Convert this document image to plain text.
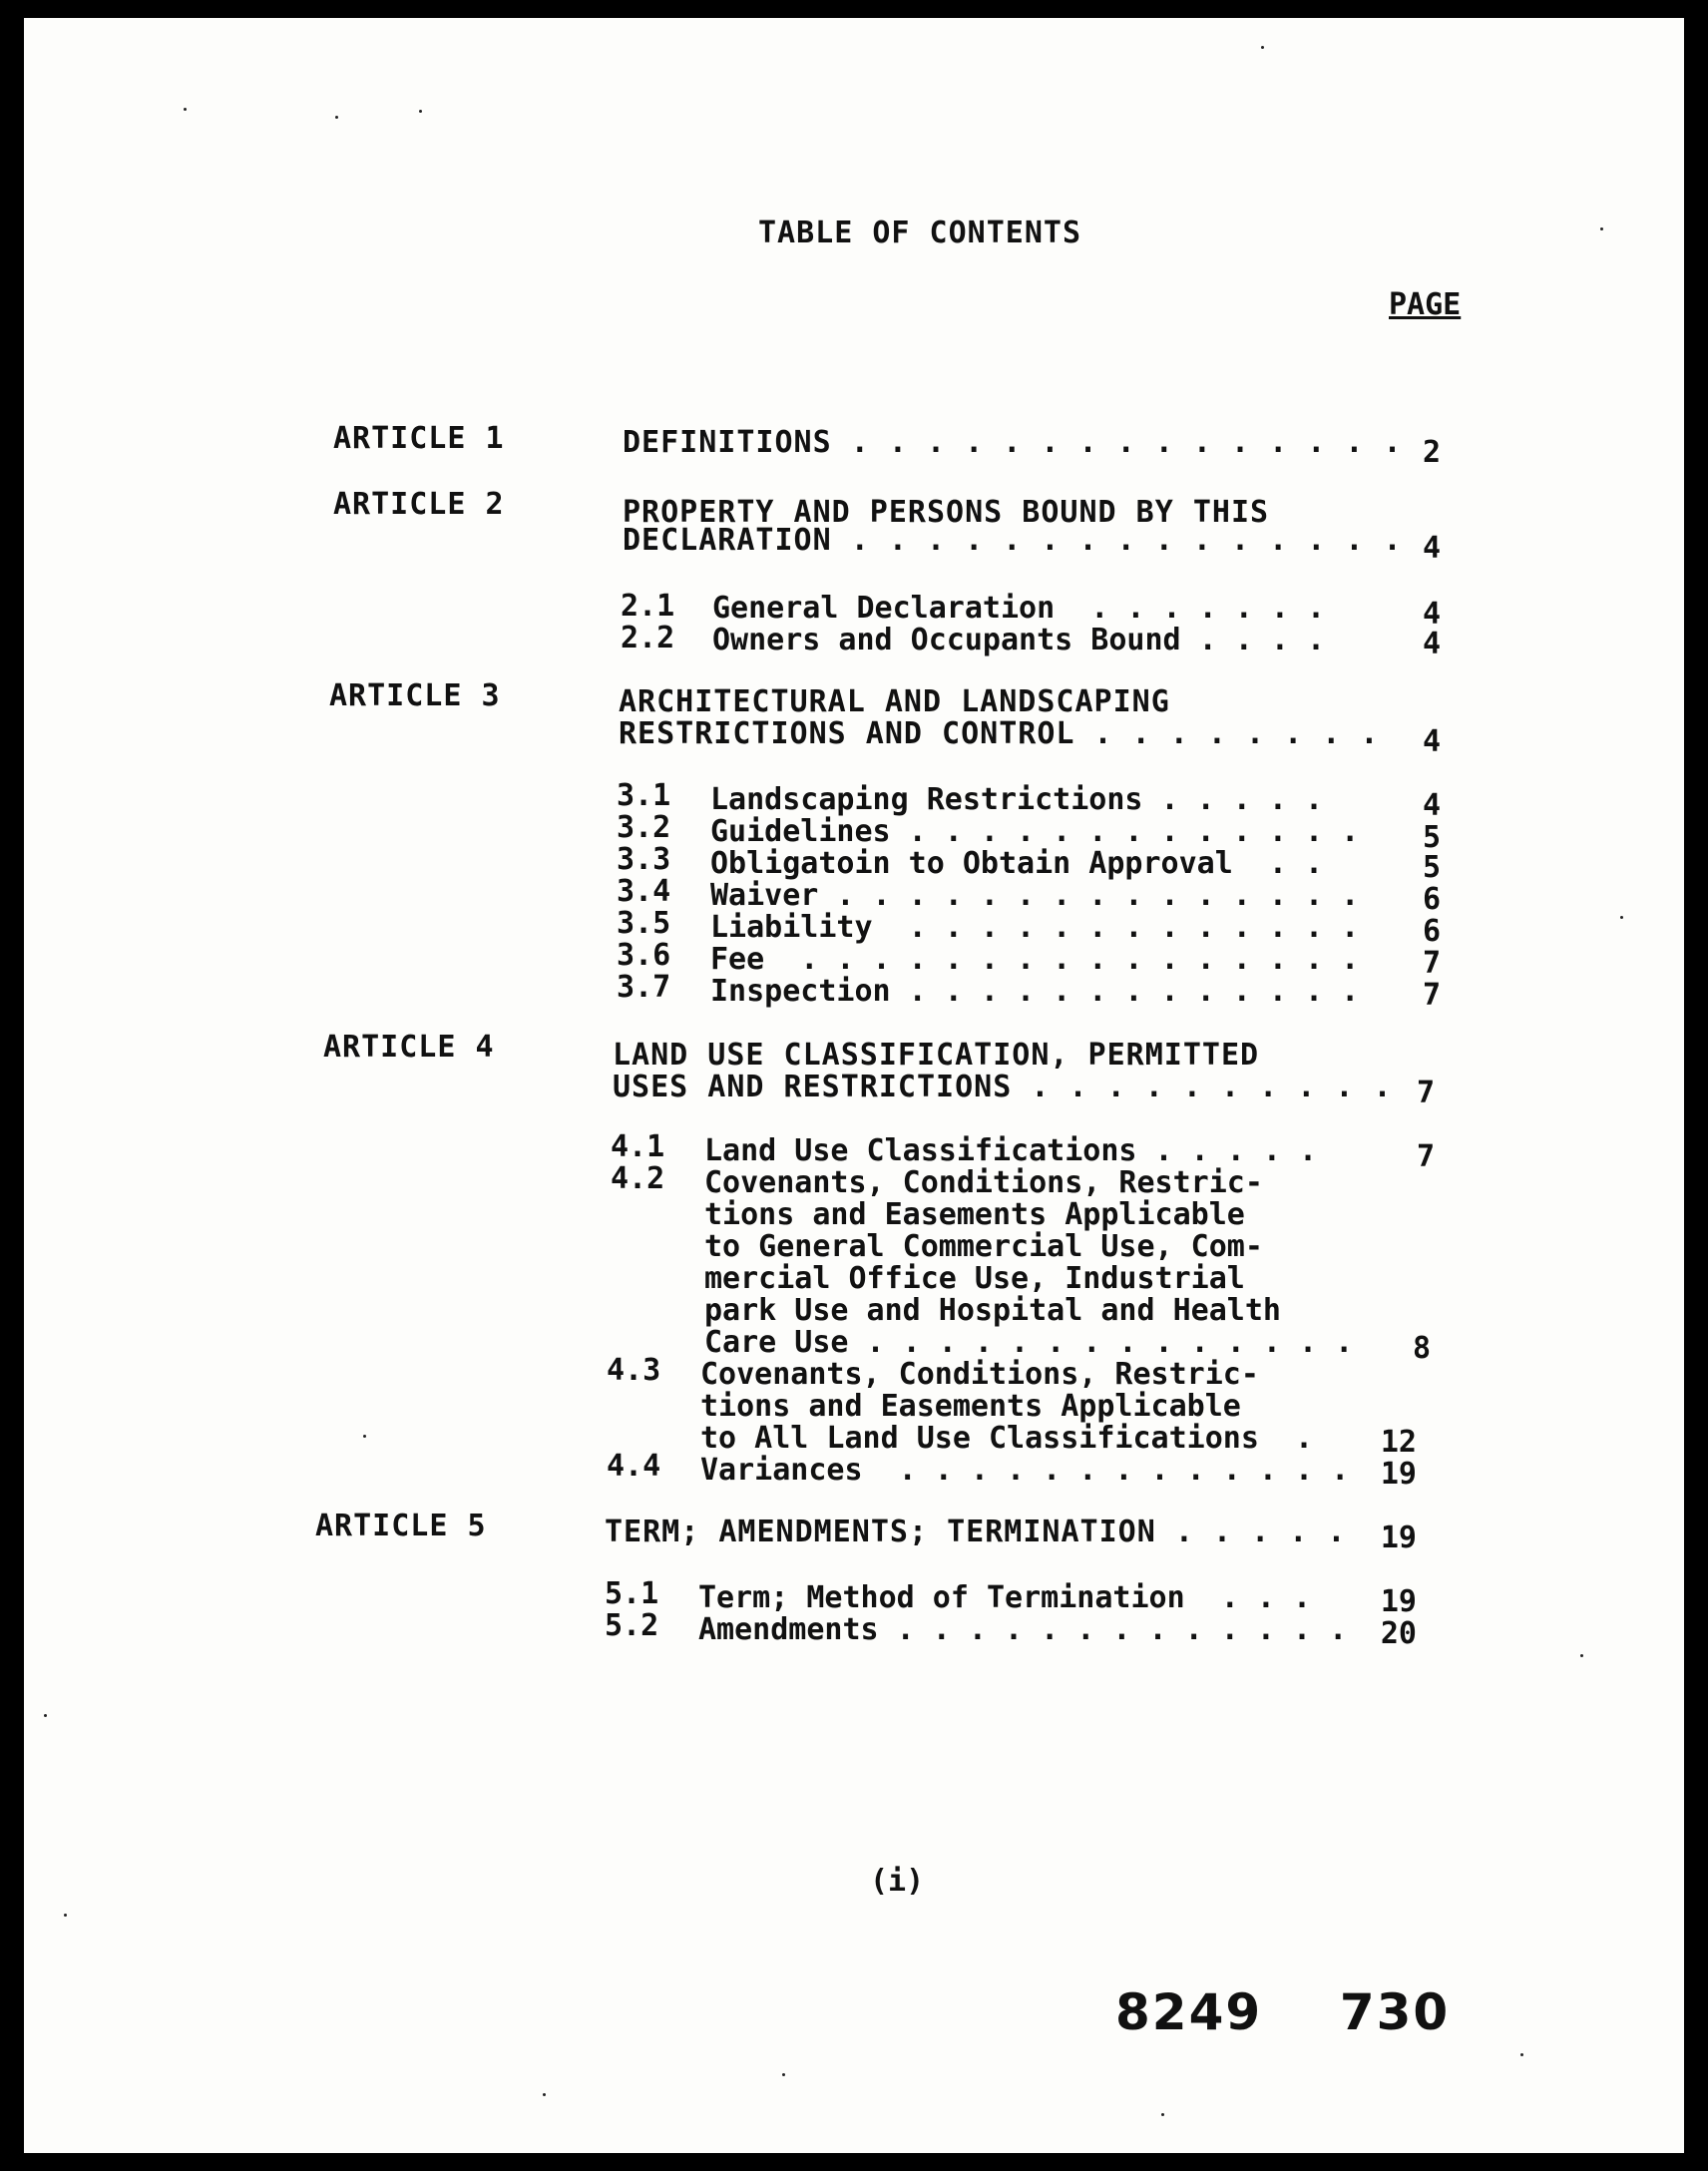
TABLE OF CONTENTS
PAGE
ARTICLE 1	DEFINITIONS . . . . . . . . . . . . . . . 2
ARTICLE 2	PROPERTY AND PERSONS BOUND BY THIS
DECLARATION . . . . . . . . . . . . . . . 4
2.1 General Declaration  . . . . . . .	4
2.2 Owners and Occupants Bound . . . .	4
ARTICLE 3	ARCHITECTURAL AND LANDSCAPING
RESTRICTIONS AND CONTROL . . . . . . . .	4
3.1 Landscaping Restrictions . . . . .	4
3.2 Guidelines . . . . . . . . . . . . .	5
3.3 Obligatoin to Obtain Approval  . .	5
3.4 Waiver . . . . . . . . . . . . . . .	6
3.5 Liability  . . . . . . . . . . . . .	6
3.6 Fee  . . . . . . . . . . . . . . . .	7
3.7 Inspection . . . . . . . . . . . . .	7
ARTICLE 4	LAND USE CLASSIFICATION, PERMITTED
USES AND RESTRICTIONS . . . . . . . . . . 7
4.1 Land Use Classifications . . . . .	7
4.2 Covenants, Conditions, Restric-
tions and Easements Applicable
to General Commercial Use, Com-
mercial Office Use, Industrial
park Use and Hospital and Health
Care Use . . . . . . . . . . . . . .	8
4.3 Covenants, Conditions, Restric-
tions and Easements Applicable
to All Land Use Classifications  .	12
4.4 Variances  . . . . . . . . . . . . .	19
ARTICLE 5	TERM; AMENDMENTS; TERMINATION . . . . .	19
5.1 Term; Method of Termination  . . .	19
5.2 Amendments . . . . . . . . . . . . .	20
(i)
8249 730
